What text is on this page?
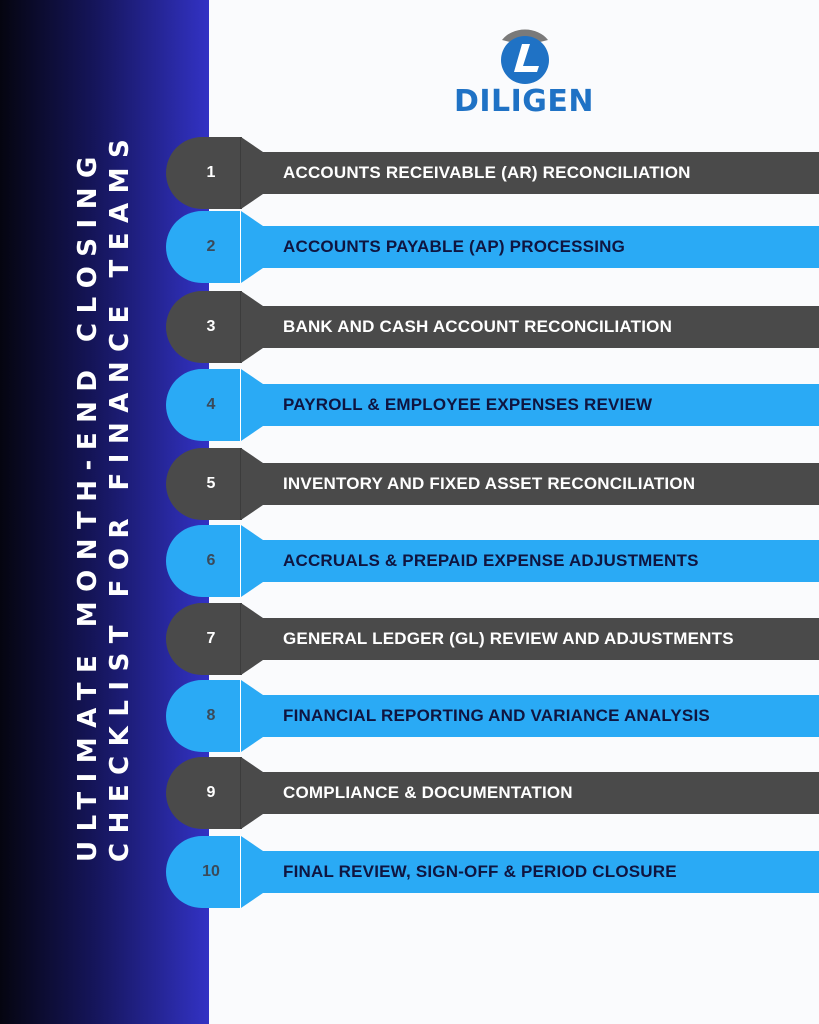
ULTIMATE MONTH-END CLOSING CHECKLIST FOR FINANCE TEAMS
DILIGEN
ACCOUNTS RECEIVABLE (AR) RECONCILIATION
1
ACCOUNTS PAYABLE (AP) PROCESSING
2
BANK AND CASH ACCOUNT RECONCILIATION
3
PAYROLL & EMPLOYEE EXPENSES REVIEW
4
INVENTORY AND FIXED ASSET RECONCILIATION
5
ACCRUALS & PREPAID EXPENSE ADJUSTMENTS
6
GENERAL LEDGER (GL) REVIEW AND ADJUSTMENTS
7
FINANCIAL REPORTING AND VARIANCE ANALYSIS
8
COMPLIANCE & DOCUMENTATION
9
FINAL REVIEW, SIGN-OFF & PERIOD CLOSURE
10
